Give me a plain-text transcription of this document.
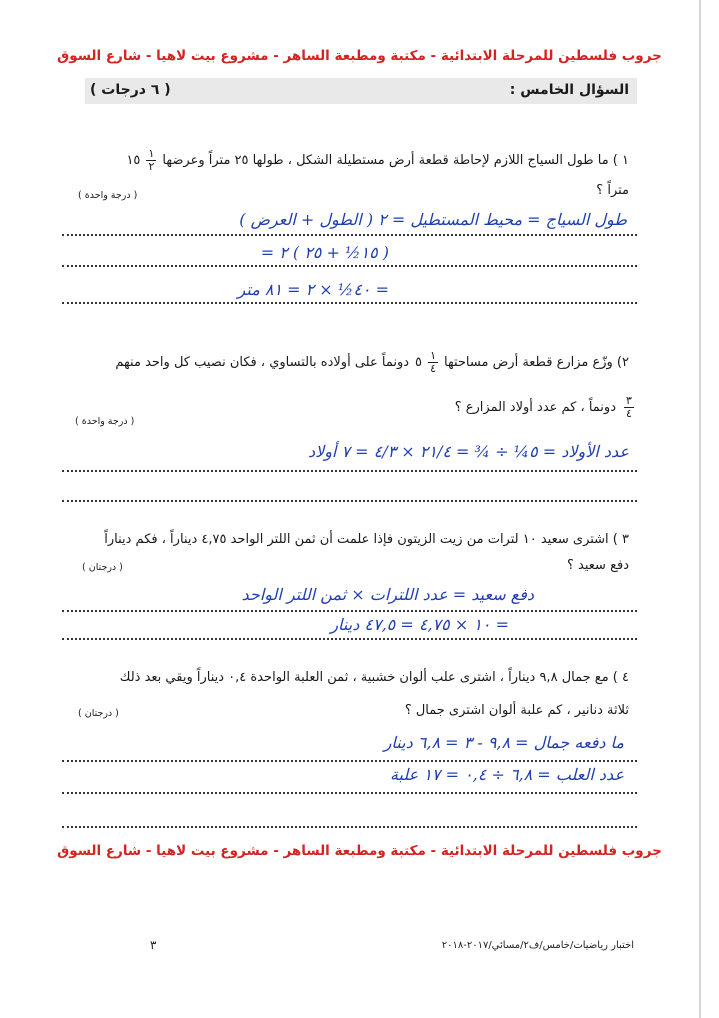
جروب فلسطين للمرحلة الابتدائية - مكتبة ومطبعة الساهر - مشروع بيت لاهيا - شارع السوق
السؤال الخامس :
( ٦ درجات )
١ ) ما طول السياج اللازم لإحاطة قطعة أرض مستطيلة الشكل ، طولها ٢٥ متراً وعرضها
$\frac{١}{٢}$
١٥
متراً ؟
( درجة واحدة )
طول السياج = محيط المستطيل = ٢ ( الطول + العرض )
( ١٥½ + ٢٥ ) ٢ =
= ٤٠½ × ٢ = ٨١ متر
٢) وزّع مزارع قطعة أرض مساحتها
$\frac{١}{٤}$
٥
دونماً على أولاده بالتساوي ، فكان نصيب كل واحد منهم
$\frac{٣}{٤}$
دونماً ، كم عدد أولاد المزارع ؟
( درجة واحدة )
عدد الأولاد = ٥¼ ÷ ¾ = ٢١/٤ × ٤/٣ = ٧ أولاد
٣ ) اشترى سعيد ١٠ لترات من زيت الزيتون فإذا علمت أن ثمن اللتر الواحد ٤,٧٥ ديناراً ، فكم ديناراً
دفع سعيد ؟
( درجتان )
دفع سعيد = عدد اللترات × ثمن اللتر الواحد
= ١٠ × ٤,٧٥ = ٤٧,٥ دينار
٤ ) مع جمال ٩,٨ ديناراً ، اشترى علب ألوان خشبية ، ثمن العلبة الواحدة ٠,٤ ديناراً ويقي بعد ذلك
ثلاثة دنانير ، كم علبة ألوان اشترى جمال ؟
( درجتان )
ما دفعه جمال = ٩,٨ - ٣ = ٦,٨ دينار
عدد العلب = ٦,٨ ÷ ٠,٤ = ١٧ علبة
جروب فلسطين للمرحلة الابتدائية - مكتبة ومطبعة الساهر - مشروع بيت لاهيا - شارع السوق
اختبار رياضيات/خامس/ف٢/مسائي/٢٠١٧-٢٠١٨
٣
